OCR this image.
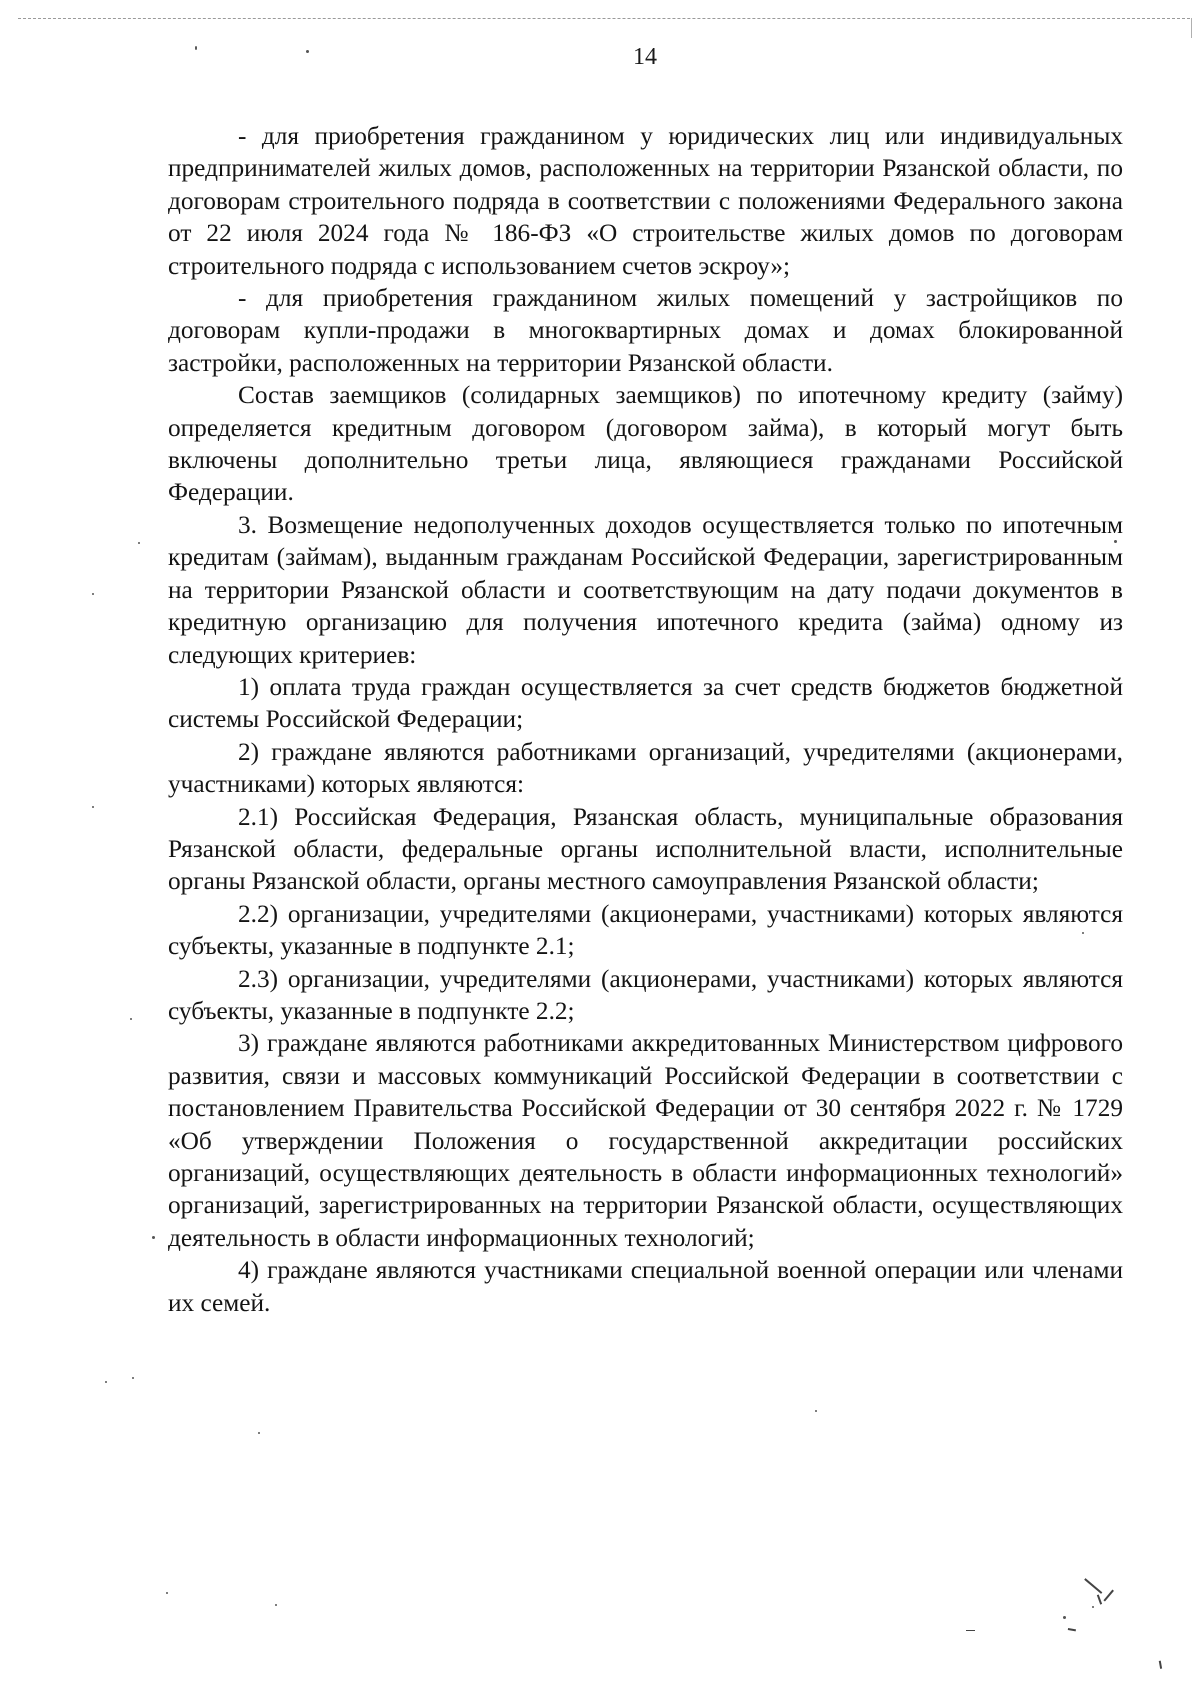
14

- для приобретения гражданином у юридических лиц или индивидуальных предпринимателей жилых домов, расположенных на территории Рязанской области, по договорам строительного подряда в соответствии с положениями Федерального закона от 22 июля 2024 года № 186-ФЗ «О строительстве жилых домов по договорам строительного подряда с использованием счетов эскроу»;

- для приобретения гражданином жилых помещений у застройщиков по договорам купли-продажи в многоквартирных домах и домах блокированной застройки, расположенных на территории Рязанской области.

Состав заемщиков (солидарных заемщиков) по ипотечному кредиту (займу) определяется кредитным договором (договором займа), в который могут быть включены дополнительно третьи лица, являющиеся гражданами Российской Федерации.

3. Возмещение недополученных доходов осуществляется только по ипотечным кредитам (займам), выданным гражданам Российской Федерации, зарегистрированным на территории Рязанской области и соответствующим на дату подачи документов в кредитную организацию для получения ипотечного кредита (займа) одному из следующих критериев:

1) оплата труда граждан осуществляется за счет средств бюджетов бюджетной системы Российской Федерации;

2) граждане являются работниками организаций, учредителями (акционерами, участниками) которых являются:

2.1) Российская Федерация, Рязанская область, муниципальные образования Рязанской области, федеральные органы исполнительной власти, исполнительные органы Рязанской области, органы местного самоуправления Рязанской области;

2.2) организации, учредителями (акционерами, участниками) которых являются субъекты, указанные в подпункте 2.1;

2.3) организации, учредителями (акционерами, участниками) которых являются субъекты, указанные в подпункте 2.2;

3) граждане являются работниками аккредитованных Министерством цифрового развития, связи и массовых коммуникаций Российской Федерации в соответствии с постановлением Правительства Российской Федерации от 30 сентября 2022 г. № 1729 «Об утверждении Положения о государственной аккредитации российских организаций, осуществляющих деятельность в области информационных технологий» организаций, зарегистрированных на территории Рязанской области, осуществляющих деятельность в области информационных технологий;

4) граждане являются участниками специальной военной операции или членами их семей.
